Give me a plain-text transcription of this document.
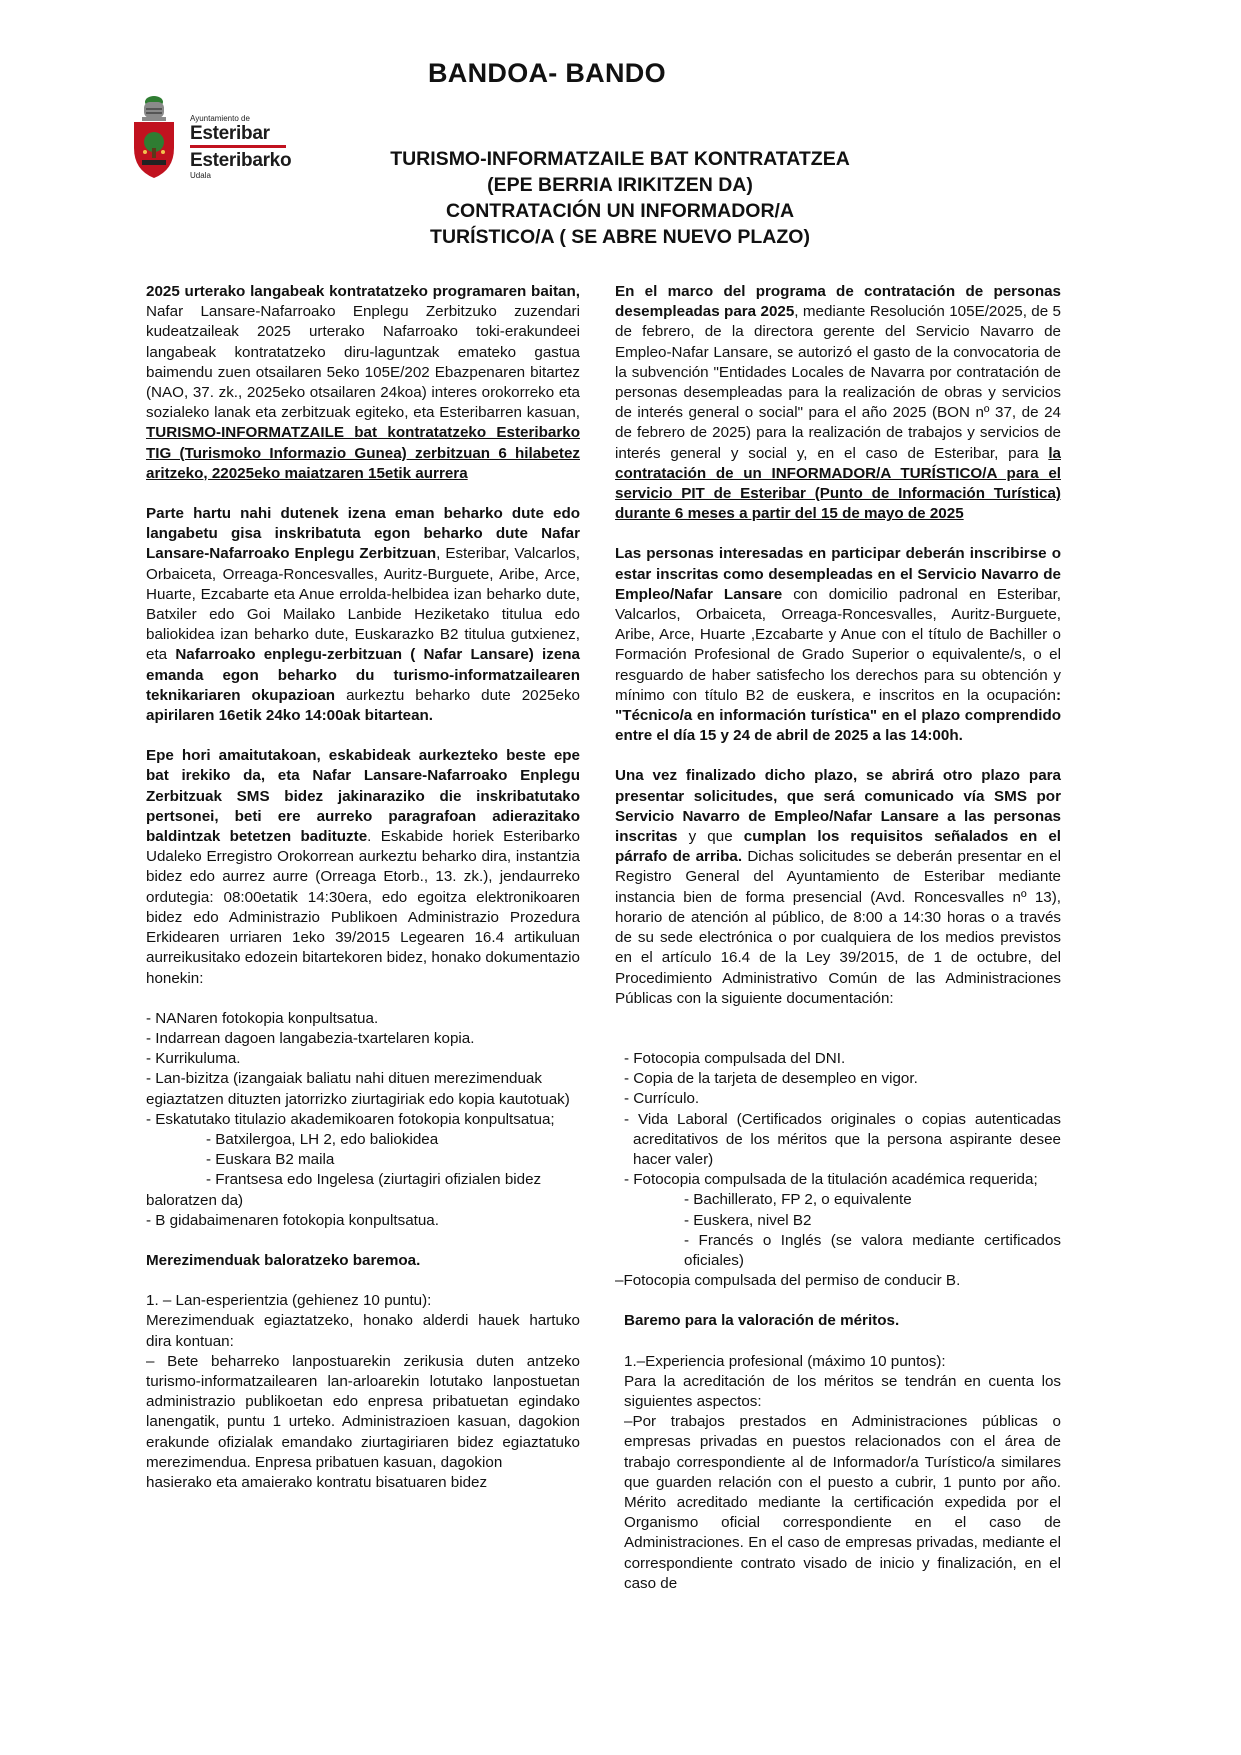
BANDOA- BANDO
Ayuntamiento de
Esteribar
Esteribarko
Udala
TURISMO-INFORMATZAILE BAT KONTRATATZEA
(EPE BERRIA IRIKITZEN DA)
CONTRATACIÓN UN INFORMADOR/A
TURÍSTICO/A ( SE ABRE NUEVO PLAZO)

2025 urterako langabeak kontratatzeko programaren baitan, Nafar Lansare-Nafarroako Enplegu Zerbitzuko zuzendari kudeatzaileak 2025 urterako Nafarroako toki-erakundeei langabeak kontratatzeko diru-laguntzak emateko gastua baimendu zuen otsailaren 5eko 105E/202 Ebazpenaren bitartez (NAO, 37. zk., 2025eko otsailaren 24koa) interes orokorreko eta sozialeko lanak eta zerbitzuak egiteko, eta Esteribarren kasuan, TURISMO-INFORMATZAILE bat kontratatzeko Esteribarko TIG (Turismoko Informazio Gunea) zerbitzuan 6 hilabetez aritzeko, 22025eko maiatzaren 15etik aurrera

Parte hartu nahi dutenek izena eman beharko dute edo langabetu gisa inskribatuta egon beharko dute Nafar Lansare-Nafarroako Enplegu Zerbitzuan, Esteribar, Valcarlos, Orbaiceta, Orreaga-Roncesvalles, Auritz-Burguete, Aribe, Arce, Huarte, Ezcabarte eta Anue errolda-helbidea izan beharko dute, Batxiler edo Goi Mailako Lanbide Heziketako titulua edo baliokidea izan beharko dute, Euskarazko B2 titulua gutxienez, eta Nafarroako enplegu-zerbitzuan ( Nafar Lansare) izena emanda egon beharko du turismo-informatzailearen teknikariaren okupazioan aurkeztu beharko dute 2025eko apirilaren 16etik 24ko 14:00ak bitartean.

Epe hori amaitutakoan, eskabideak aurkezteko beste epe bat irekiko da, eta Nafar Lansare-Nafarroako Enplegu Zerbitzuak SMS bidez jakinaraziko die inskribatutako pertsonei, beti ere aurreko paragrafoan adierazitako baldintzak betetzen badituzte. Eskabide horiek Esteribarko Udaleko Erregistro Orokorrean aurkeztu beharko dira, instantzia bidez edo aurrez aurre (Orreaga Etorb., 13. zk.), jendaurreko ordutegia: 08:00etatik 14:30era, edo egoitza elektronikoaren bidez edo Administrazio Publikoen Administrazio Prozedura Erkidearen urriaren 1eko 39/2015 Legearen 16.4 artikuluan aurreikusitako edozein bitartekoren bidez, honako dokumentazio honekin:

- NANaren fotokopia konpultsatua.
- Indarrean dagoen langabezia-txartelaren kopia.
- Kurrikuluma.
- Lan-bizitza (izangaiak baliatu nahi dituen merezimenduak egiaztatzen dituzten jatorrizko ziurtagiriak edo kopia kautotuak)
- Eskatutako titulazio akademikoaren fotokopia konpultsatua;
- Batxilergoa, LH 2, edo baliokidea
- Euskara B2 maila
- Frantsesa edo Ingelesa (ziurtagiri ofizialen bidez
baloratzen da)
- B gidabaimenaren fotokopia konpultsatua.

Merezimenduak baloratzeko baremoa.

1. – Lan-esperientzia (gehienez 10 puntu):

Merezimenduak egiaztatzeko, honako alderdi hauek hartuko dira kontuan:

– Bete beharreko lanpostuarekin zerikusia duten antzeko turismo-informatzailearen lan-arloarekin lotutako lanpostuetan administrazio publikoetan edo enpresa pribatuetan egindako lanengatik, puntu 1 urteko. Administrazioen kasuan, dagokion erakunde ofizialak emandako ziurtagiriaren bidez egiaztatuko merezimendua. Enpresa pribatuen kasuan, dagokion

hasierako eta amaierako kontratu bisatuaren bidez

En el marco del programa de contratación de personas desempleadas para 2025, mediante Resolución 105E/2025, de 5 de febrero, de la directora gerente del Servicio Navarro de Empleo-Nafar Lansare, se autorizó el gasto de la convocatoria de la subvención "Entidades Locales de Navarra por contratación de personas desempleadas para la realización de obras y servicios de interés general o social" para el año 2025 (BON nº 37, de 24 de febrero de 2025) para la realización de trabajos y servicios de interés general y social y, en el caso de Esteribar, para la contratación de un INFORMADOR/A TURÍSTICO/A para el servicio PIT de Esteribar (Punto de Información Turística) durante 6 meses a partir del 15 de mayo de 2025

Las personas interesadas en participar deberán inscribirse o estar inscritas como desempleadas en el Servicio Navarro de Empleo/Nafar Lansare con domicilio padronal en Esteribar, Valcarlos, Orbaiceta, Orreaga-Roncesvalles, Auritz-Burguete, Aribe, Arce, Huarte ,Ezcabarte y Anue con el título de Bachiller o Formación Profesional de Grado Superior o equivalente/s, o el resguardo de haber satisfecho los derechos para su obtención y mínimo con título B2 de euskera, e inscritos en la ocupación: "Técnico/a en información turística" en el plazo comprendido entre el día 15 y 24 de abril de 2025 a las 14:00h.

Una vez finalizado dicho plazo, se abrirá otro plazo para presentar solicitudes, que será comunicado vía SMS por Servicio Navarro de Empleo/Nafar Lansare a las personas inscritas y que cumplan los requisitos señalados en el párrafo de arriba. Dichas solicitudes se deberán presentar en el Registro General del Ayuntamiento de Esteribar mediante instancia bien de forma presencial (Avd. Roncesvalles nº 13), horario de atención al público, de 8:00 a 14:30 horas o a través de su sede electrónica o por cualquiera de los medios previstos en el artículo 16.4 de la Ley 39/2015, de 1 de octubre, del Procedimiento Administrativo Común de las Administraciones Públicas con la siguiente documentación:

- Fotocopia compulsada del DNI.
- Copia de la tarjeta de desempleo en vigor.
- Currículo.
- Vida Laboral (Certificados originales o copias autenticadas acreditativos de los méritos que la persona aspirante desee hacer valer)
- Fotocopia compulsada de la titulación académica requerida;
- Bachillerato, FP 2, o equivalente
- Euskera, nivel B2
- Francés o Inglés (se valora mediante certificados oficiales)

–Fotocopia compulsada del permiso de conducir B.

Baremo para la valoración de méritos.

1.–Experiencia profesional (máximo 10 puntos):

Para la acreditación de los méritos se tendrán en cuenta los siguientes aspectos:

–Por trabajos prestados en Administraciones públicas o empresas privadas en puestos relacionados con el área de trabajo correspondiente al de Informador/a Turístico/a similares que guarden relación con el puesto a cubrir, 1 punto por año. Mérito acreditado mediante la certificación expedida por el Organismo oficial correspondiente en el caso de Administraciones. En el caso de empresas privadas, mediante el correspondiente contrato visado de inicio y finalización, en el caso de
